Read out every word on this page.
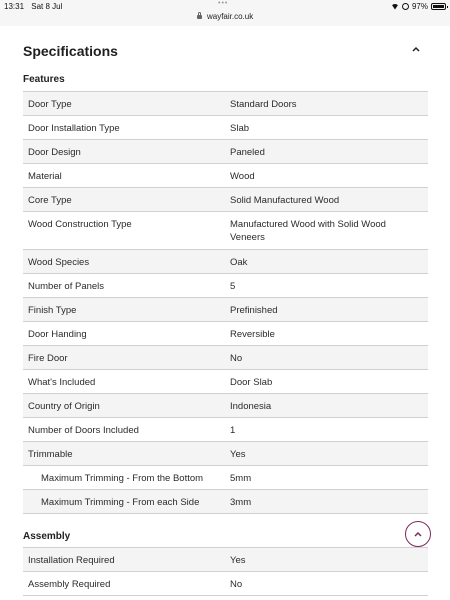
13:31 Sat 8 Jul	•••
wayfair.co.uk
97%
Specifications
Features
Door Type	Standard Doors
Door Installation Type	Slab
Door Design	Paneled
Material	Wood
Core Type	Solid Manufactured Wood
Wood Construction Type	Manufactured Wood with Solid Wood Veneers
Wood Species	Oak
Number of Panels	5
Finish Type	Prefinished
Door Handing	Reversible
Fire Door	No
What's Included	Door Slab
Country of Origin	Indonesia
Number of Doors Included	1
Trimmable	Yes
Maximum Trimming - From the Bottom	5mm
Maximum Trimming - From each Side	3mm
Assembly
Installation Required	Yes
Assembly Required	No
